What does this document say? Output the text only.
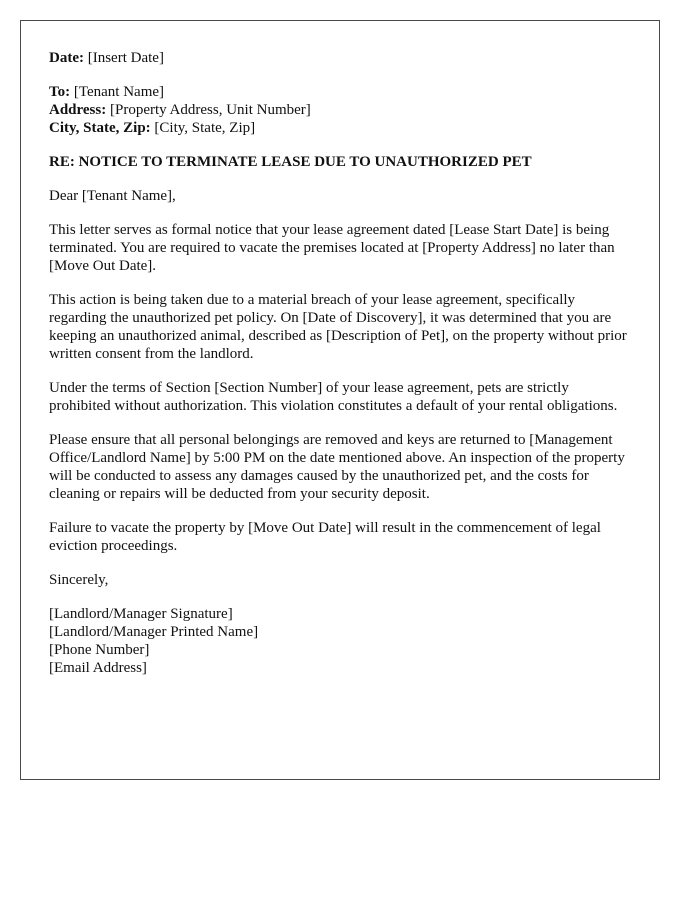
Date: [Insert Date]
To: [Tenant Name]
Address: [Property Address, Unit Number]
City, State, Zip: [City, State, Zip]
RE: NOTICE TO TERMINATE LEASE DUE TO UNAUTHORIZED PET
Dear [Tenant Name],
This letter serves as formal notice that your lease agreement dated [Lease Start Date] is being terminated. You are required to vacate the premises located at [Property Address] no later than [Move Out Date].
This action is being taken due to a material breach of your lease agreement, specifically regarding the unauthorized pet policy. On [Date of Discovery], it was determined that you are keeping an unauthorized animal, described as [Description of Pet], on the property without prior written consent from the landlord.
Under the terms of Section [Section Number] of your lease agreement, pets are strictly prohibited without authorization. This violation constitutes a default of your rental obligations.
Please ensure that all personal belongings are removed and keys are returned to [Management Office/Landlord Name] by 5:00 PM on the date mentioned above. An inspection of the property will be conducted to assess any damages caused by the unauthorized pet, and the costs for cleaning or repairs will be deducted from your security deposit.
Failure to vacate the property by [Move Out Date] will result in the commencement of legal eviction proceedings.
Sincerely,
[Landlord/Manager Signature]
[Landlord/Manager Printed Name]
[Phone Number]
[Email Address]
